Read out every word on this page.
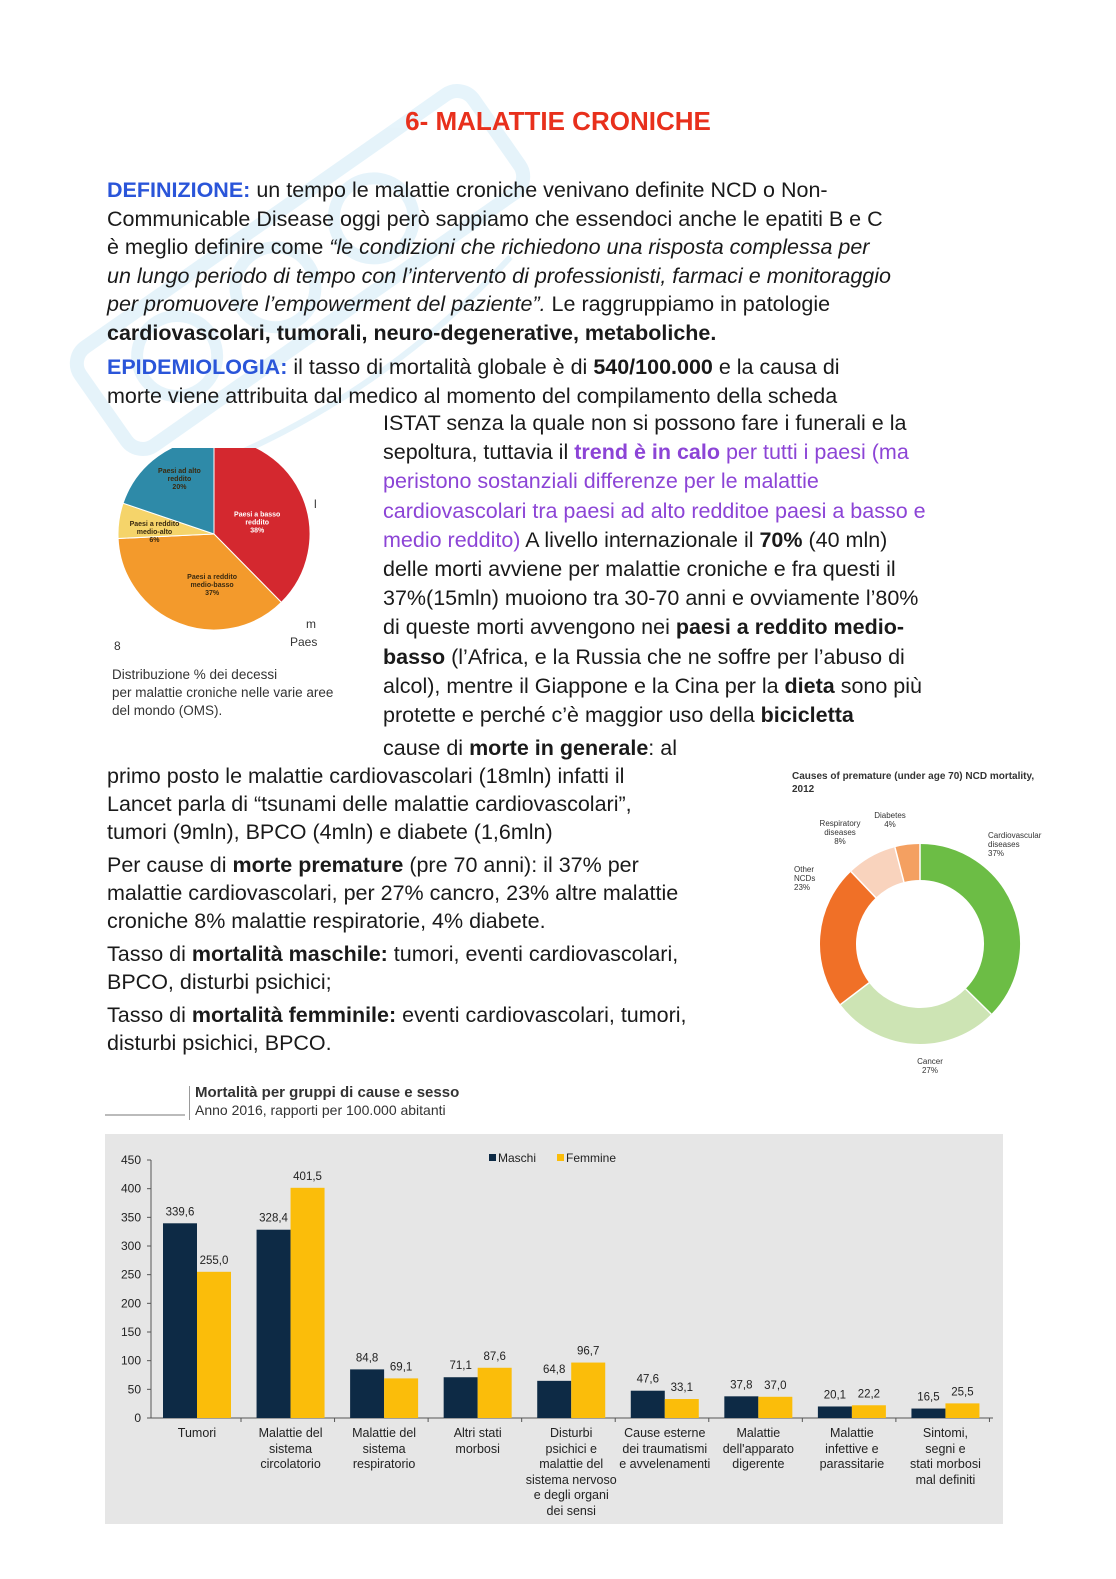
6- MALATTIE CRONICHE
DEFINIZIONE: un tempo le malattie croniche venivano definite NCD o Non-
Communicable Disease oggi però sappiamo che essendoci anche le epatiti B e C
è meglio definire come “le condizioni che richiedono una risposta complessa per
un lungo periodo di tempo con l’intervento di professionisti, farmaci e monitoraggio
per promuovere l’empowerment del paziente”. Le raggruppiamo in patologie
cardiovascolari, tumorali, neuro-degenerative, metaboliche.
EPIDEMIOLOGIA: il tasso di mortalità globale è di 540/100.000 e la causa di
morte viene attribuita dal medico al momento del compilamento della scheda
ISTAT senza la quale non si possono fare i funerali e la
sepoltura, tuttavia il trend è in calo per tutti i paesi (ma
peristono sostanziali differenze per le malattie
cardiovascolari tra paesi ad alto redditoe paesi a basso e
medio reddito) A livello internazionale il 70% (40 mln)
delle morti avviene per malattie croniche e fra questi il
37%(15mln) muoiono tra 30-70 anni e ovviamente l’80%
di queste morti avvengono nei paesi a reddito medio-
basso (l’Africa, e la Russia che ne soffre per l’abuso di
alcol), mentre il Giappone e la Cina per la dieta sono più
protette e perché c’è maggior uso della bicicletta
8
m
Paes
l
Paesi a basso reddito 38%
Paesi a reddito medio-basso 37%
Paesi a reddito medio-alto 6%
Paesi ad alto reddito 20%
Distribuzione % dei decessi
per malattie croniche nelle varie aree
del mondo (OMS).
cause di morte in generale: al
primo posto le malattie cardiovascolari (18mln) infatti il
Lancet parla di “tsunami delle malattie cardiovascolari”,
tumori (9mln), BPCO (4mln) e diabete (1,6mln)
Per cause di morte premature (pre 70 anni): il 37% per
malattie cardiovascolari, per 27% cancro, 23% altre malattie
croniche 8% malattie respiratorie, 4% diabete.
Tasso di mortalità maschile: tumori, eventi cardiovascolari,
BPCO, disturbi psichici;
Tasso di mortalità femminile: eventi cardiovascolari, tumori,
disturbi psichici, BPCO.
Causes of premature (under age 70) NCD mortality, 2012
Cardiovascular diseases 37%
Cancer 27%
Other NCDs 23%
Respiratory diseases 8%
Diabetes 4%
Mortalità per gruppi di cause e sesso
Anno 2016, rapporti per 100.000 abitanti
0
50
100
150
200
250
300
350
400
450	Maschi Femmine
339,6
255,0
328,4
401,5
84,8
69,1	71,1
87,6
64,8
96,7
47,6
33,1	37,8 37,0
20,1 22,2	16,5 25,5
Tumori	Malattie del
sistema
circolatorio
Malattie del
sistema
respiratorio
Altri stati
morbosi
Disturbi
psichici e
malattie del
sistema nervoso
e degli organi
dei sensi
Cause esterne
dei traumatismi
e avvelenamenti
Malattie
dell'apparato
digerente
Malattie
infettive e
parassitarie
Sintomi,
segni e
stati morbosi
mal definiti
